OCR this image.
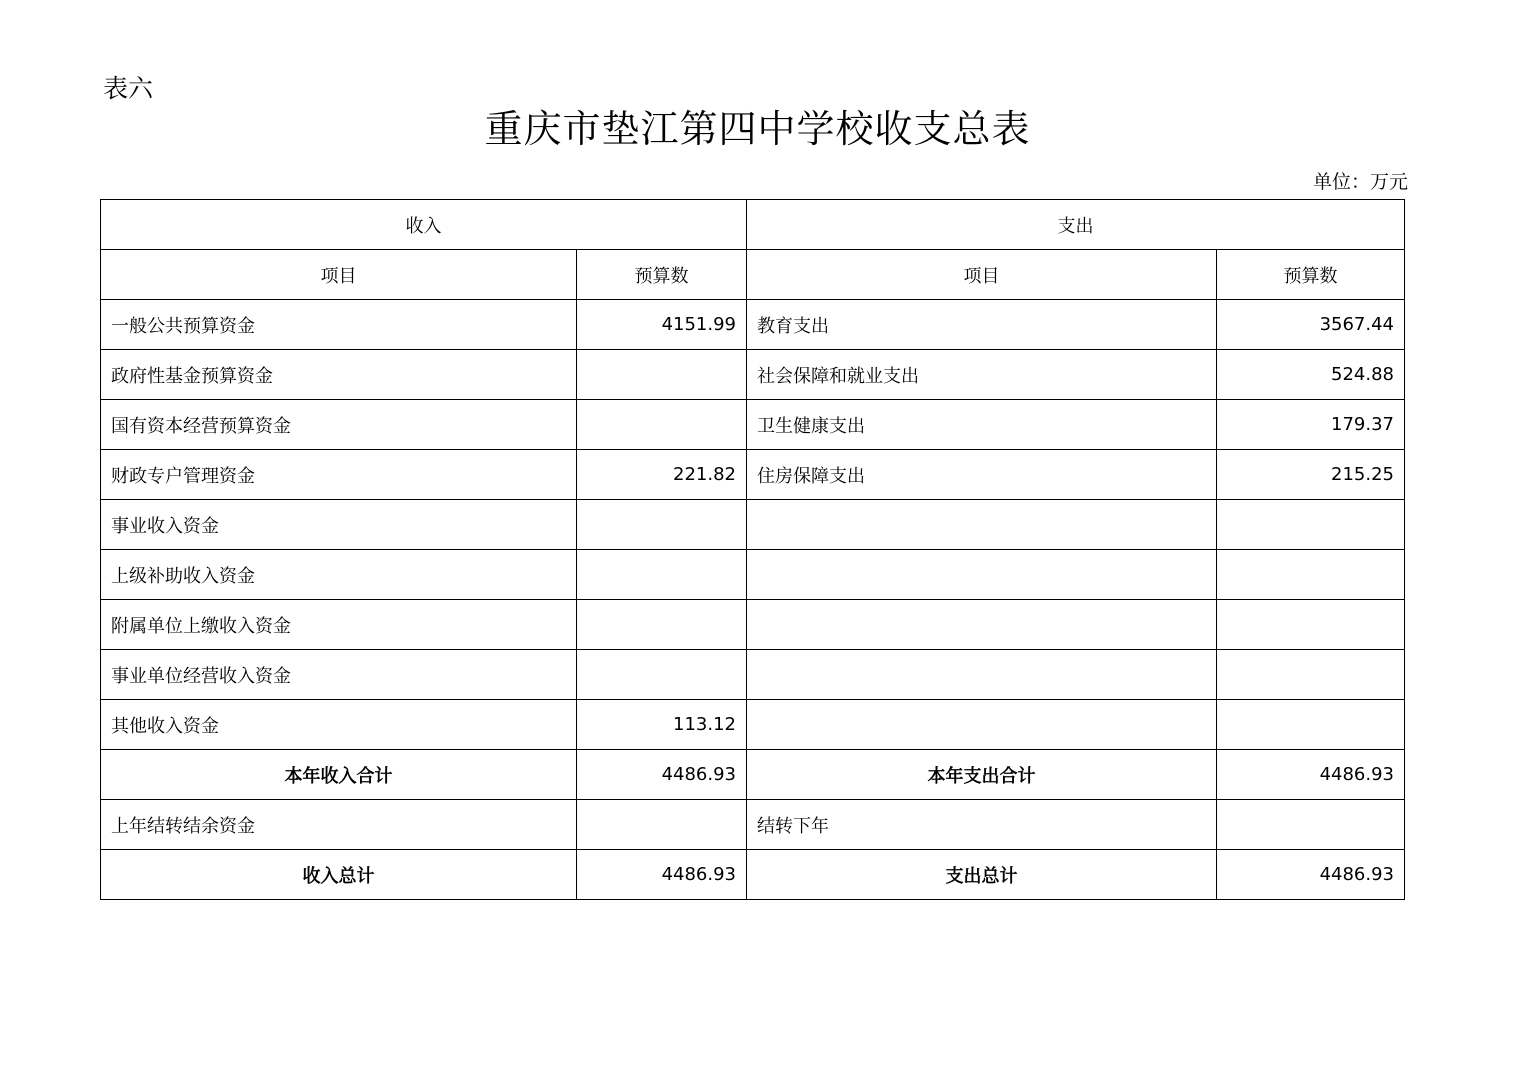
表六
重庆市垫江第四中学校收支总表
单位：万元
收入		支出	
项目	预算数	项目	预算数
一般公共预算资金	4151.99	教育支出	3567.44
政府性基金预算资金		社会保障和就业支出	524.88
国有资本经营预算资金		卫生健康支出	179.37
财政专户管理资金	221.82	住房保障支出	215.25
事业收入资金			
上级补助收入资金			
附属单位上缴收入资金			
事业单位经营收入资金			
其他收入资金	113.12		
本年收入合计	4486.93	本年支出合计	4486.93
上年结转结余资金		结转下年	
收入总计	4486.93	支出总计	4486.93
